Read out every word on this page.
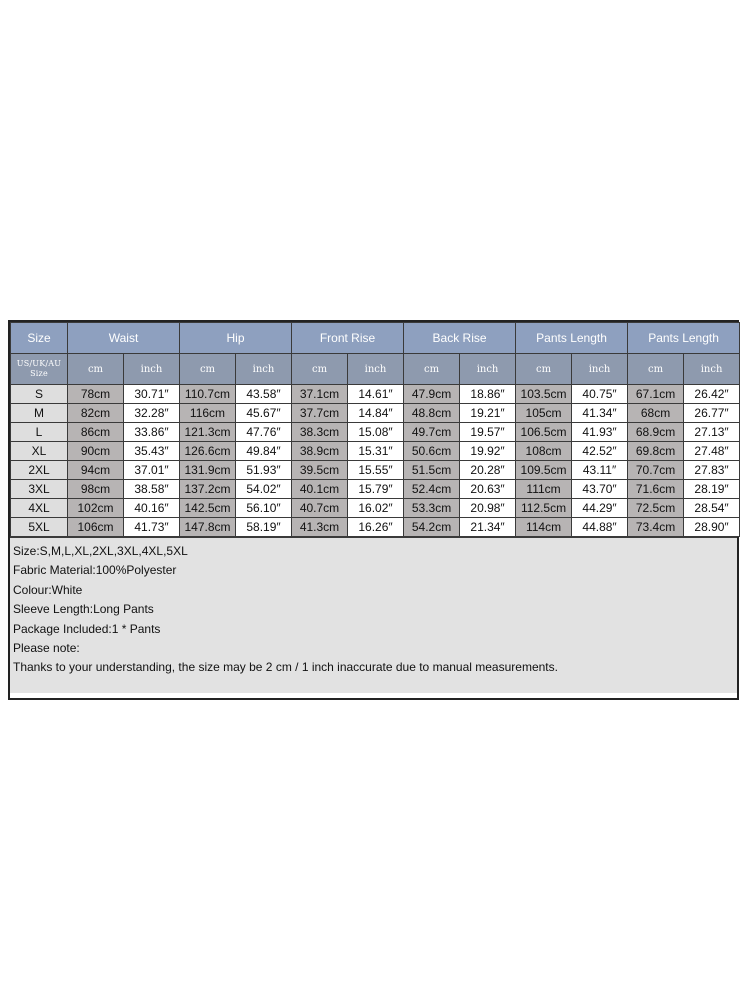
Size	Waist		Hip		Front Rise		Back Rise		Pants Length		Pants Length	
US/UK/AU Size	cm	inch	cm	inch	cm	inch	cm	inch	cm	inch	cm	inch
S	78cm	30.71″	110.7cm	43.58″	37.1cm	14.61″	47.9cm	18.86″	103.5cm	40.75″	67.1cm	26.42″
M	82cm	32.28″	116cm	45.67″	37.7cm	14.84″	48.8cm	19.21″	105cm	41.34″	68cm	26.77″
L	86cm	33.86″	121.3cm	47.76″	38.3cm	15.08″	49.7cm	19.57″	106.5cm	41.93″	68.9cm	27.13″
XL	90cm	35.43″	126.6cm	49.84″	38.9cm	15.31″	50.6cm	19.92″	108cm	42.52″	69.8cm	27.48″
2XL	94cm	37.01″	131.9cm	51.93″	39.5cm	15.55″	51.5cm	20.28″	109.5cm	43.11″	70.7cm	27.83″
3XL	98cm	38.58″	137.2cm	54.02″	40.1cm	15.79″	52.4cm	20.63″	111cm	43.70″	71.6cm	28.19″
4XL	102cm	40.16″	142.5cm	56.10″	40.7cm	16.02″	53.3cm	20.98″	112.5cm	44.29″	72.5cm	28.54″
5XL	106cm	41.73″	147.8cm	58.19″	41.3cm	16.26″	54.2cm	21.34″	114cm	44.88″	73.4cm	28.90″
Size:S,M,L,XL,2XL,3XL,4XL,5XL
Fabric Material:100%Polyester
Colour:White
Sleeve Length:Long Pants
Package Included:1 * Pants
Please note:
Thanks to your understanding, the size may be 2 cm / 1 inch inaccurate due to manual measurements.
